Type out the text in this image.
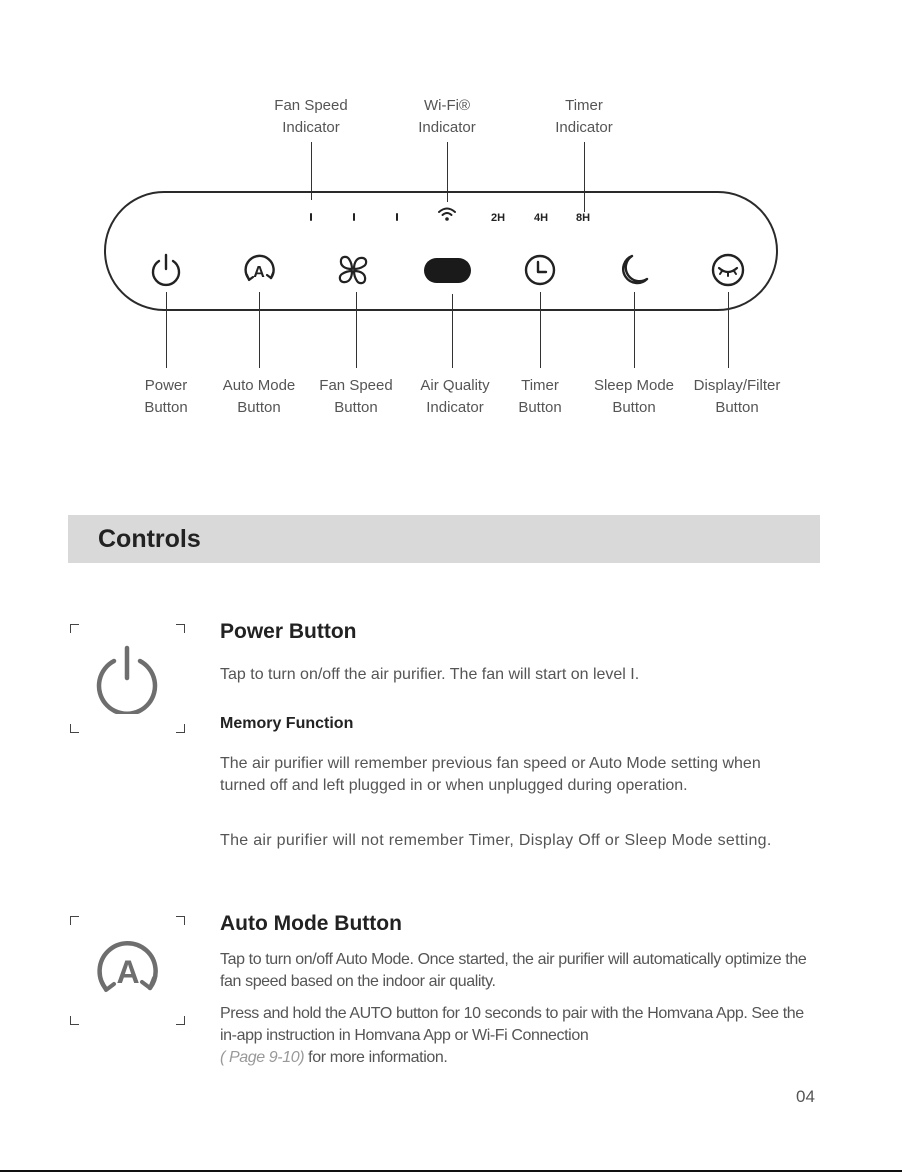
Fan Speed
Indicator
Wi-Fi®
Indicator
Timer
Indicator
2H	4H	8H
A
Power
Button
Auto Mode
Button
Fan Speed
Button
Air Quality
Indicator
Timer
Button
Sleep Mode
Button
Display/Filter
Button
Controls
Power Button
Tap to turn on/off the air purifier. The fan will start on level I.
Memory Function
The air purifier will remember previous fan speed or Auto Mode setting when turned off and left plugged in or when unplugged during operation.
The air purifier will not remember Timer, Display Off or Sleep Mode setting.
A
Auto Mode Button
Tap to turn on/off Auto Mode. Once started, the air purifier will automatically optimize the fan speed based on the indoor air quality.
Press and hold the AUTO button for 10 seconds to pair with the Homvana App. See the in-app instruction in Homvana App or Wi-Fi Connection
( Page 9-10) for more information.
04
